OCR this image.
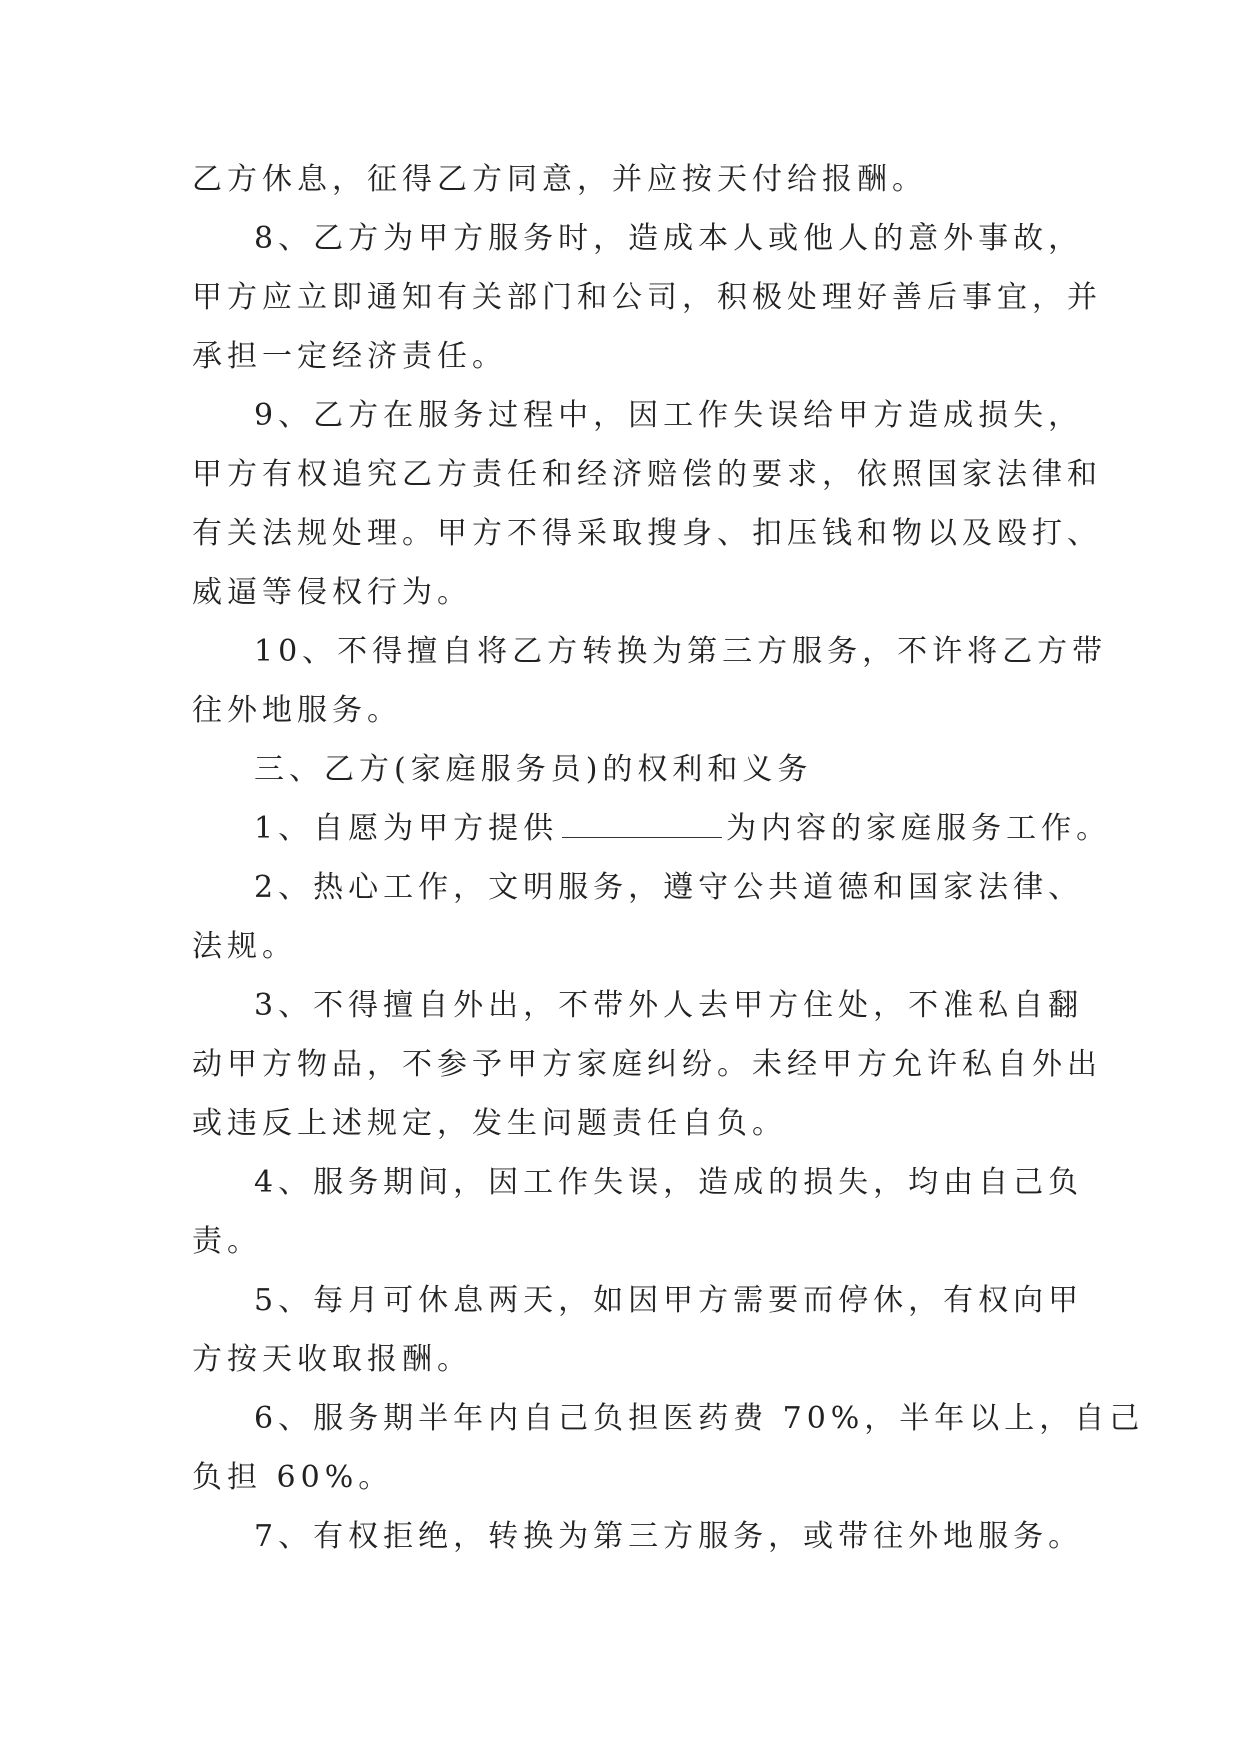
乙方休息，征得乙方同意，并应按天付给报酬。
8、乙方为甲方服务时，造成本人或他人的意外事故，
甲方应立即通知有关部门和公司，积极处理好善后事宜，并
承担一定经济责任。
9、乙方在服务过程中，因工作失误给甲方造成损失，
甲方有权追究乙方责任和经济赔偿的要求，依照国家法律和
有关法规处理。甲方不得采取搜身、扣压钱和物以及殴打、
威逼等侵权行为。
10、不得擅自将乙方转换为第三方服务，不许将乙方带
往外地服务。
三、乙方(家庭服务员)的权利和义务
1、自愿为甲方提供	为内容的家庭服务工作。
2、热心工作，文明服务，遵守公共道德和国家法律、
法规。
3、不得擅自外出，不带外人去甲方住处，不准私自翻
动甲方物品，不参予甲方家庭纠纷。未经甲方允许私自外出
或违反上述规定，发生问题责任自负。
4、服务期间，因工作失误，造成的损失，均由自己负
责。
5、每月可休息两天，如因甲方需要而停休，有权向甲
方按天收取报酬。
6、服务期半年内自己负担医药费 70%，半年以上，自己
负担 60%。
7、有权拒绝，转换为第三方服务，或带往外地服务。
